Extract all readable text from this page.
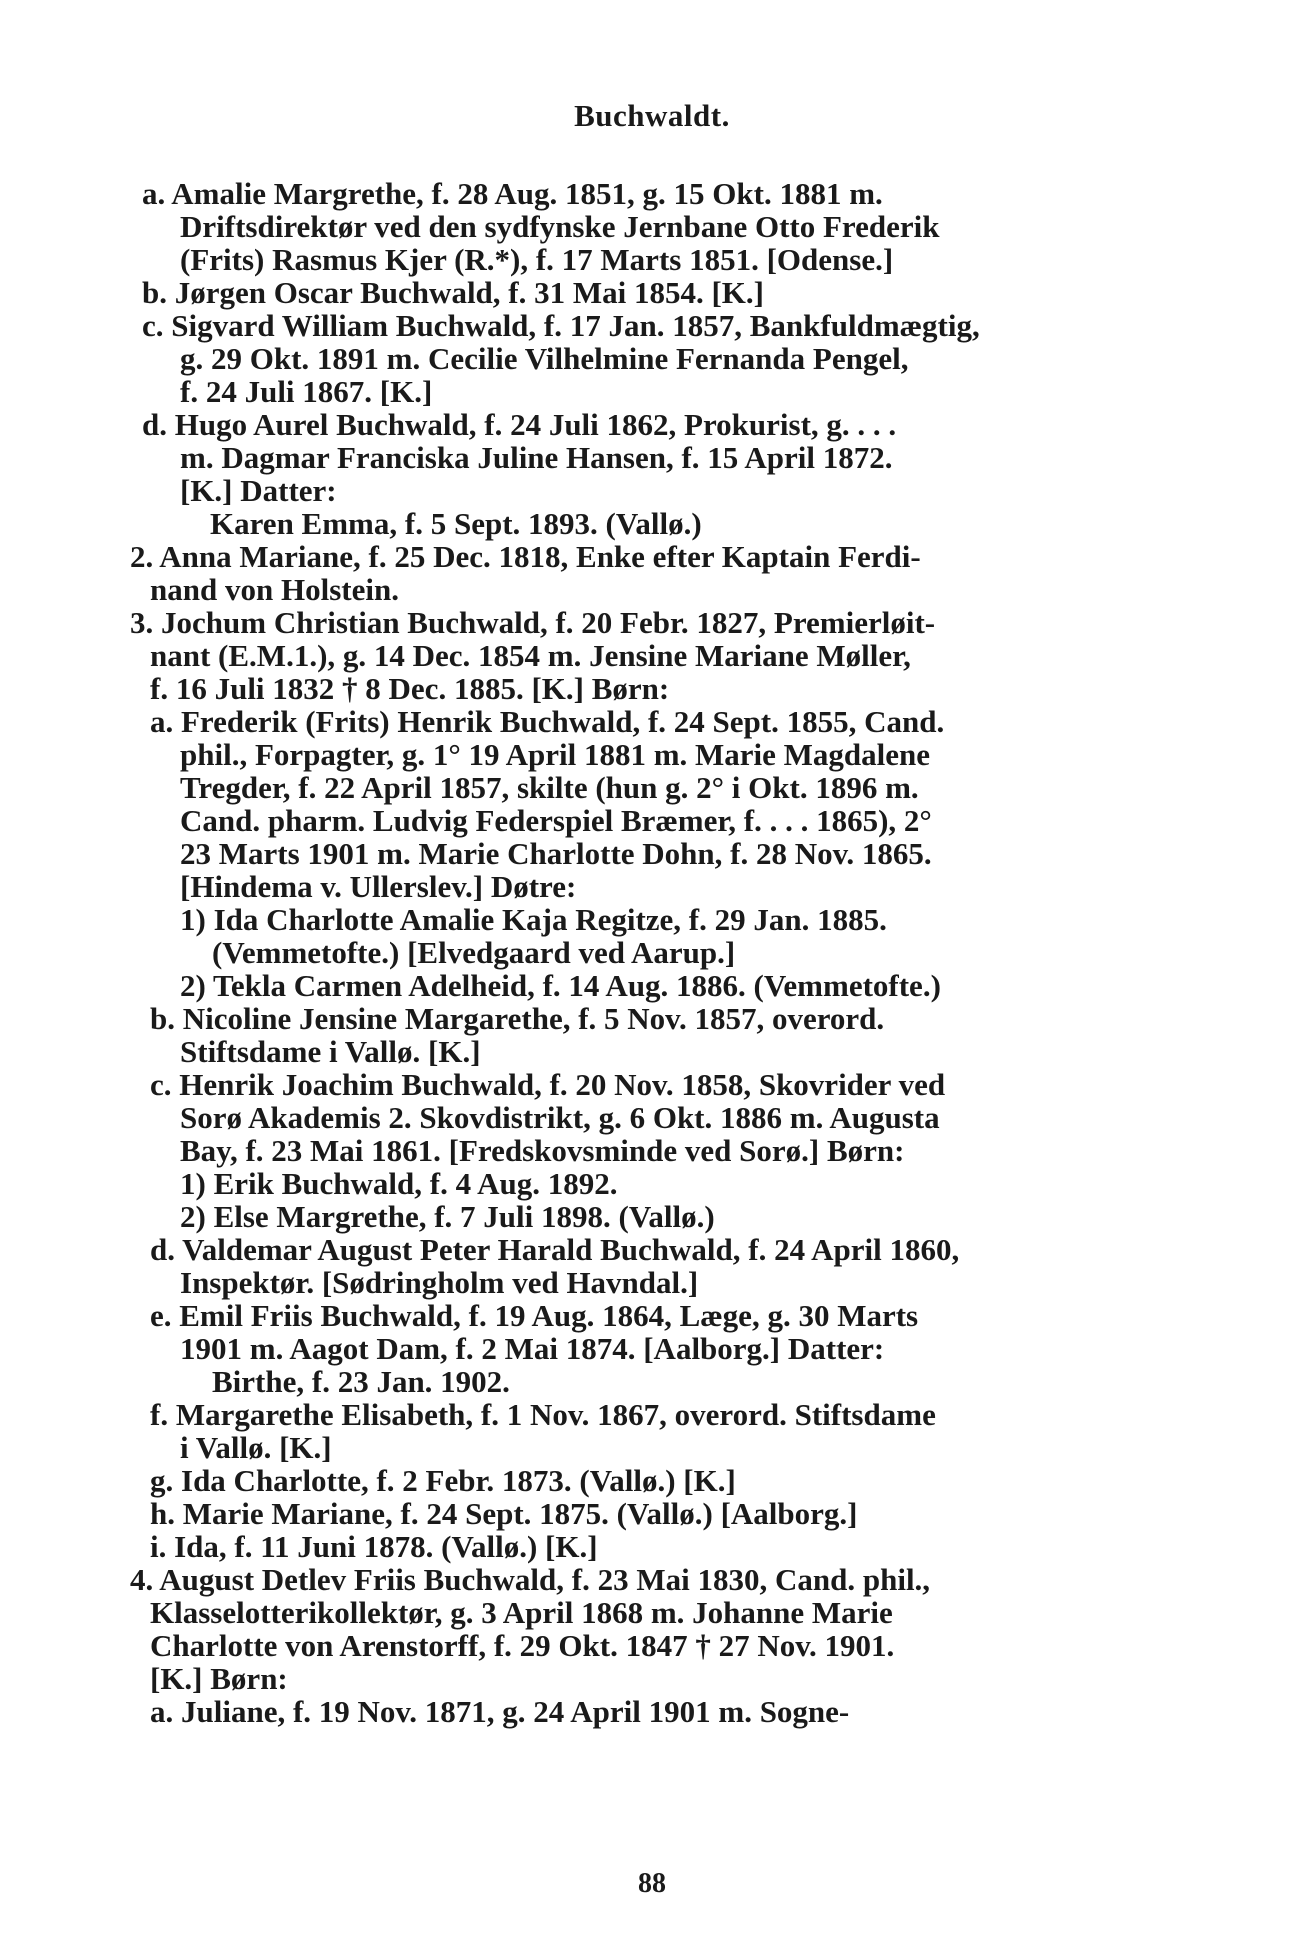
Buchwaldt.
a. Amalie Margrethe, f. 28 Aug. 1851, g. 15 Okt. 1881 m.
Driftsdirektør ved den sydfynske Jernbane Otto Frederik
(Frits) Rasmus Kjer (R.*), f. 17 Marts 1851. [Odense.]
b. Jørgen Oscar Buchwald, f. 31 Mai 1854. [K.]
c. Sigvard William Buchwald, f. 17 Jan. 1857, Bankfuldmægtig,
g. 29 Okt. 1891 m. Cecilie Vilhelmine Fernanda Pengel,
f. 24 Juli 1867. [K.]
d. Hugo Aurel Buchwald, f. 24 Juli 1862, Prokurist, g. . . .
m. Dagmar Franciska Juline Hansen, f. 15 April 1872.
[K.] Datter:
Karen Emma, f. 5 Sept. 1893. (Vallø.)
2. Anna Mariane, f. 25 Dec. 1818, Enke efter Kaptain Ferdi-
nand von Holstein.
3. Jochum Christian Buchwald, f. 20 Febr. 1827, Premierløit-
nant (E.M.1.), g. 14 Dec. 1854 m. Jensine Mariane Møller,
f. 16 Juli 1832 † 8 Dec. 1885. [K.] Børn:
a. Frederik (Frits) Henrik Buchwald, f. 24 Sept. 1855, Cand.
phil., Forpagter, g. 1° 19 April 1881 m. Marie Magdalene
Tregder, f. 22 April 1857, skilte (hun g. 2° i Okt. 1896 m.
Cand. pharm. Ludvig Federspiel Bræmer, f. . . . 1865), 2°
23 Marts 1901 m. Marie Charlotte Dohn, f. 28 Nov. 1865.
[Hindema v. Ullerslev.] Døtre:
1) Ida Charlotte Amalie Kaja Regitze, f. 29 Jan. 1885.
(Vemmetofte.) [Elvedgaard ved Aarup.]
2) Tekla Carmen Adelheid, f. 14 Aug. 1886. (Vemmetofte.)
b. Nicoline Jensine Margarethe, f. 5 Nov. 1857, overord.
Stiftsdame i Vallø. [K.]
c. Henrik Joachim Buchwald, f. 20 Nov. 1858, Skovrider ved
Sorø Akademis 2. Skovdistrikt, g. 6 Okt. 1886 m. Augusta
Bay, f. 23 Mai 1861. [Fredskovsminde ved Sorø.] Børn:
1) Erik Buchwald, f. 4 Aug. 1892.
2) Else Margrethe, f. 7 Juli 1898. (Vallø.)
d. Valdemar August Peter Harald Buchwald, f. 24 April 1860,
Inspektør. [Sødringholm ved Havndal.]
e. Emil Friis Buchwald, f. 19 Aug. 1864, Læge, g. 30 Marts
1901 m. Aagot Dam, f. 2 Mai 1874. [Aalborg.] Datter:
Birthe, f. 23 Jan. 1902.
f. Margarethe Elisabeth, f. 1 Nov. 1867, overord. Stiftsdame
i Vallø. [K.]
g. Ida Charlotte, f. 2 Febr. 1873. (Vallø.) [K.]
h. Marie Mariane, f. 24 Sept. 1875. (Vallø.) [Aalborg.]
i. Ida, f. 11 Juni 1878. (Vallø.) [K.]
4. August Detlev Friis Buchwald, f. 23 Mai 1830, Cand. phil.,
Klasselotterikollektør, g. 3 April 1868 m. Johanne Marie
Charlotte von Arenstorff, f. 29 Okt. 1847 † 27 Nov. 1901.
[K.] Børn:
a. Juliane, f. 19 Nov. 1871, g. 24 April 1901 m. Sogne-
88
